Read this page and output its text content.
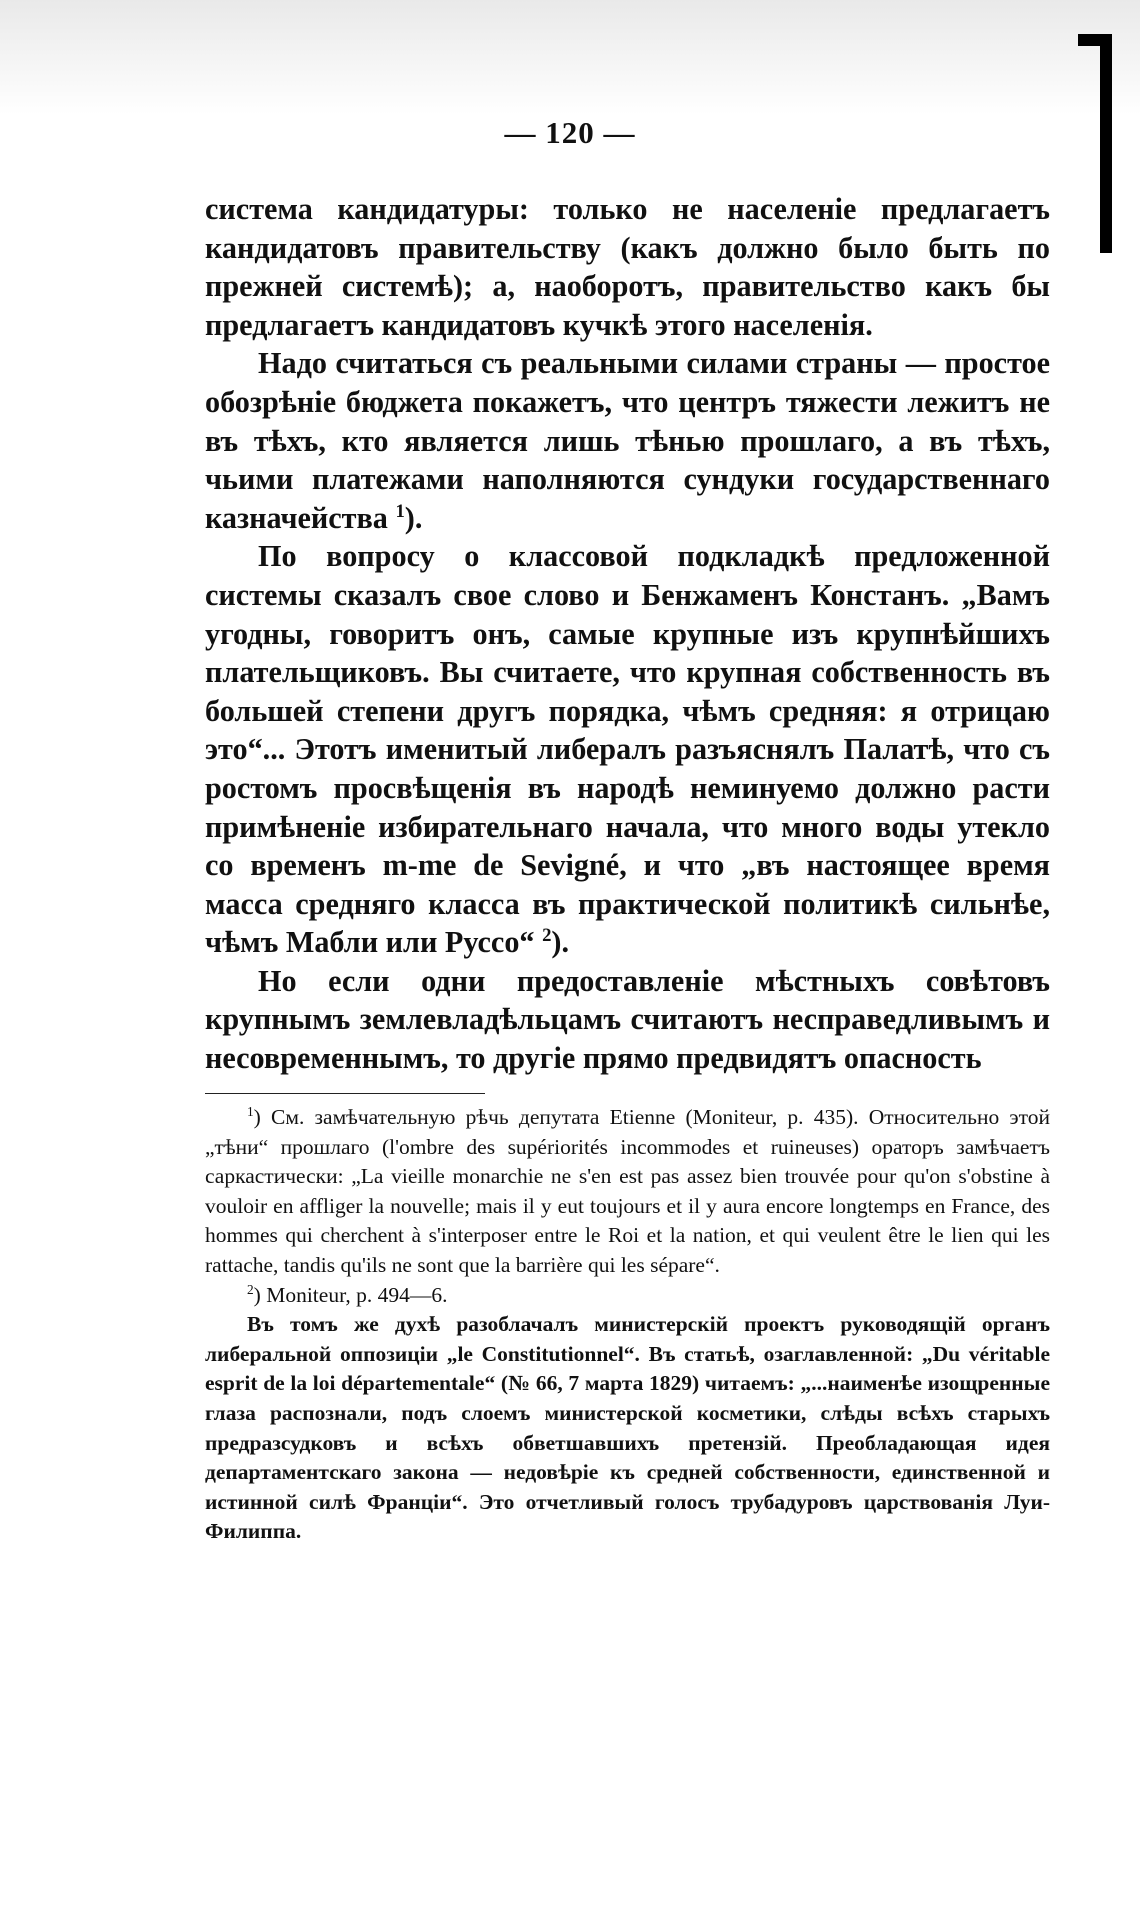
— 120 —

система кандидатуры: только не населеніе предлагаетъ кандидатовъ правительству (какъ должно было быть по прежней системѣ); а, наоборотъ, правительство какъ бы предлагаетъ кандидатовъ кучкѣ этого населенія.

Надо считаться съ реальными силами страны — простое обозрѣніе бюджета покажетъ, что центръ тяжести лежитъ не въ тѣхъ, кто является лишь тѣнью прошлаго, а въ тѣхъ, чьими платежами наполняются сундуки государственнаго казначейства $^1$).

По вопросу о классовой подкладкѣ предложенной системы сказалъ свое слово и Бенжаменъ Констанъ. „Вамъ угодны, говоритъ онъ, самые крупные изъ крупнѣйшихъ плательщиковъ. Вы считаете, что крупная собственность въ большей степени другъ порядка, чѣмъ средняя: я отрицаю это“... Этотъ именитый либералъ разъяснялъ Палатѣ, что съ ростомъ просвѣщенія въ народѣ неминуемо должно расти примѣненіе избирательнаго начала, что много воды утекло со временъ m-me de Sevigné, и что „въ настоящее время масса средняго класса въ практической политикѣ сильнѣе, чѣмъ Мабли или Руссо“ $^2$).

Но если одни предоставленіе мѣстныхъ совѣтовъ крупнымъ землевладѣльцамъ считаютъ несправедливымъ и несовременнымъ, то другіе прямо предвидятъ опасность

$^1$) См. замѣчательную рѣчь депутата Etienne (Moniteur, p. 435). Относительно этой „тѣни“ прошлаго (l'ombre des supériorités incommodes et ruineuses) ораторъ замѣчаетъ саркастически: „La vieille monarchie ne s'en est pas assez bien trouvée pour qu'on s'obstine à vouloir en affliger la nouvelle; mais il y eut toujours et il y aura encore longtemps en France, des hommes qui cherchent à s'interposer entre le Roi et la nation, et qui veulent être le lien qui les rattache, tandis qu'ils ne sont que la barrière qui les sépare“.

$^2$) Moniteur, p. 494—6.

Въ томъ же духѣ разоблачалъ министерскій проектъ руководящій органъ либеральной оппозиціи „le Constitutionnel“. Въ статьѣ, озаглавленной: „Du véritable esprit de la loi départementale“ (№ 66, 7 марта 1829) читаемъ: „...наименѣе изощренные глаза распознали, подъ слоемъ министерской косметики, слѣды всѣхъ старыхъ предразсудковъ и всѣхъ обветшавшихъ претензій. Преобладающая идея департаментскаго закона — недовѣріе къ средней собственности, единственной и истинной силѣ Франціи“. Это отчетливый голосъ трубадуровъ царствованія Луи-Филиппа.
